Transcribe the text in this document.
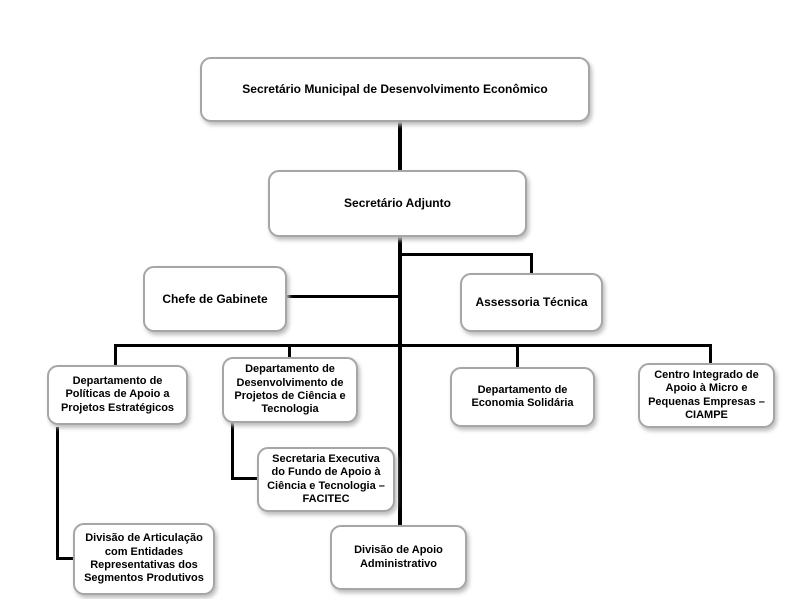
Secretário Municipal de Desenvolvimento Econômico
Secretário Adjunto
Chefe de Gabinete	Assessoria Técnica
Departamento de Políticas de Apoio a Projetos Estratégicos
Departamento de Desenvolvimento de Projetos de Ciência e Tecnologia
Departamento de Economia Solidária
Centro Integrado de Apoio à Micro e Pequenas Empresas – CIAMPE
Secretaria Executiva do Fundo de Apoio à Ciência e Tecnologia – FACITEC
Divisão de Articulação com Entidades Representativas dos Segmentos Produtivos
Divisão de Apoio Administrativo
